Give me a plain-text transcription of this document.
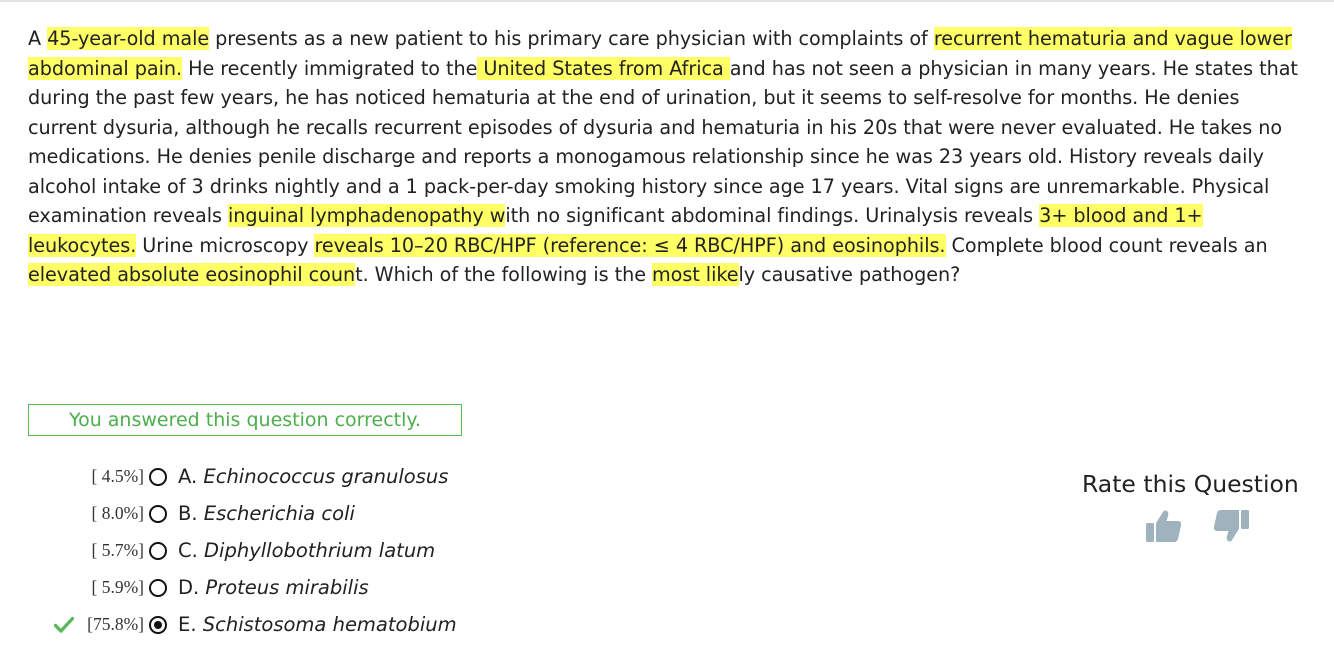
A 45-year-old male presents as a new patient to his primary care physician with complaints of recurrent hematuria and vague lower abdominal pain. He recently immigrated to the United States from Africa and has not seen a physician in many years. He states that during the past few years, he has noticed hematuria at the end of urination, but it seems to self-resolve for months. He denies current dysuria, although he recalls recurrent episodes of dysuria and hematuria in his 20s that were never evaluated. He takes no medications. He denies penile discharge and reports a monogamous relationship since he was 23 years old. History reveals daily alcohol intake of 3 drinks nightly and a 1 pack-per-day smoking history since age 17 years. Vital signs are unremarkable. Physical examination reveals inguinal lymphadenopathy with no significant abdominal findings. Urinalysis reveals 3+ blood and 1+ leukocytes. Urine microscopy reveals 10–20 RBC/HPF (reference: ≤ 4 RBC/HPF) and eosinophils. Complete blood count reveals an elevated absolute eosinophil count. Which of the following is the most likely causative pathogen?
You answered this question correctly.
[ 4.5%] A. Echinococcus granulosus
[ 8.0%] B. Escherichia coli
[ 5.7%] C. Diphyllobothrium latum
[ 5.9%] D. Proteus mirabilis
[75.8%] E. Schistosoma hematobium
Rate this Question
